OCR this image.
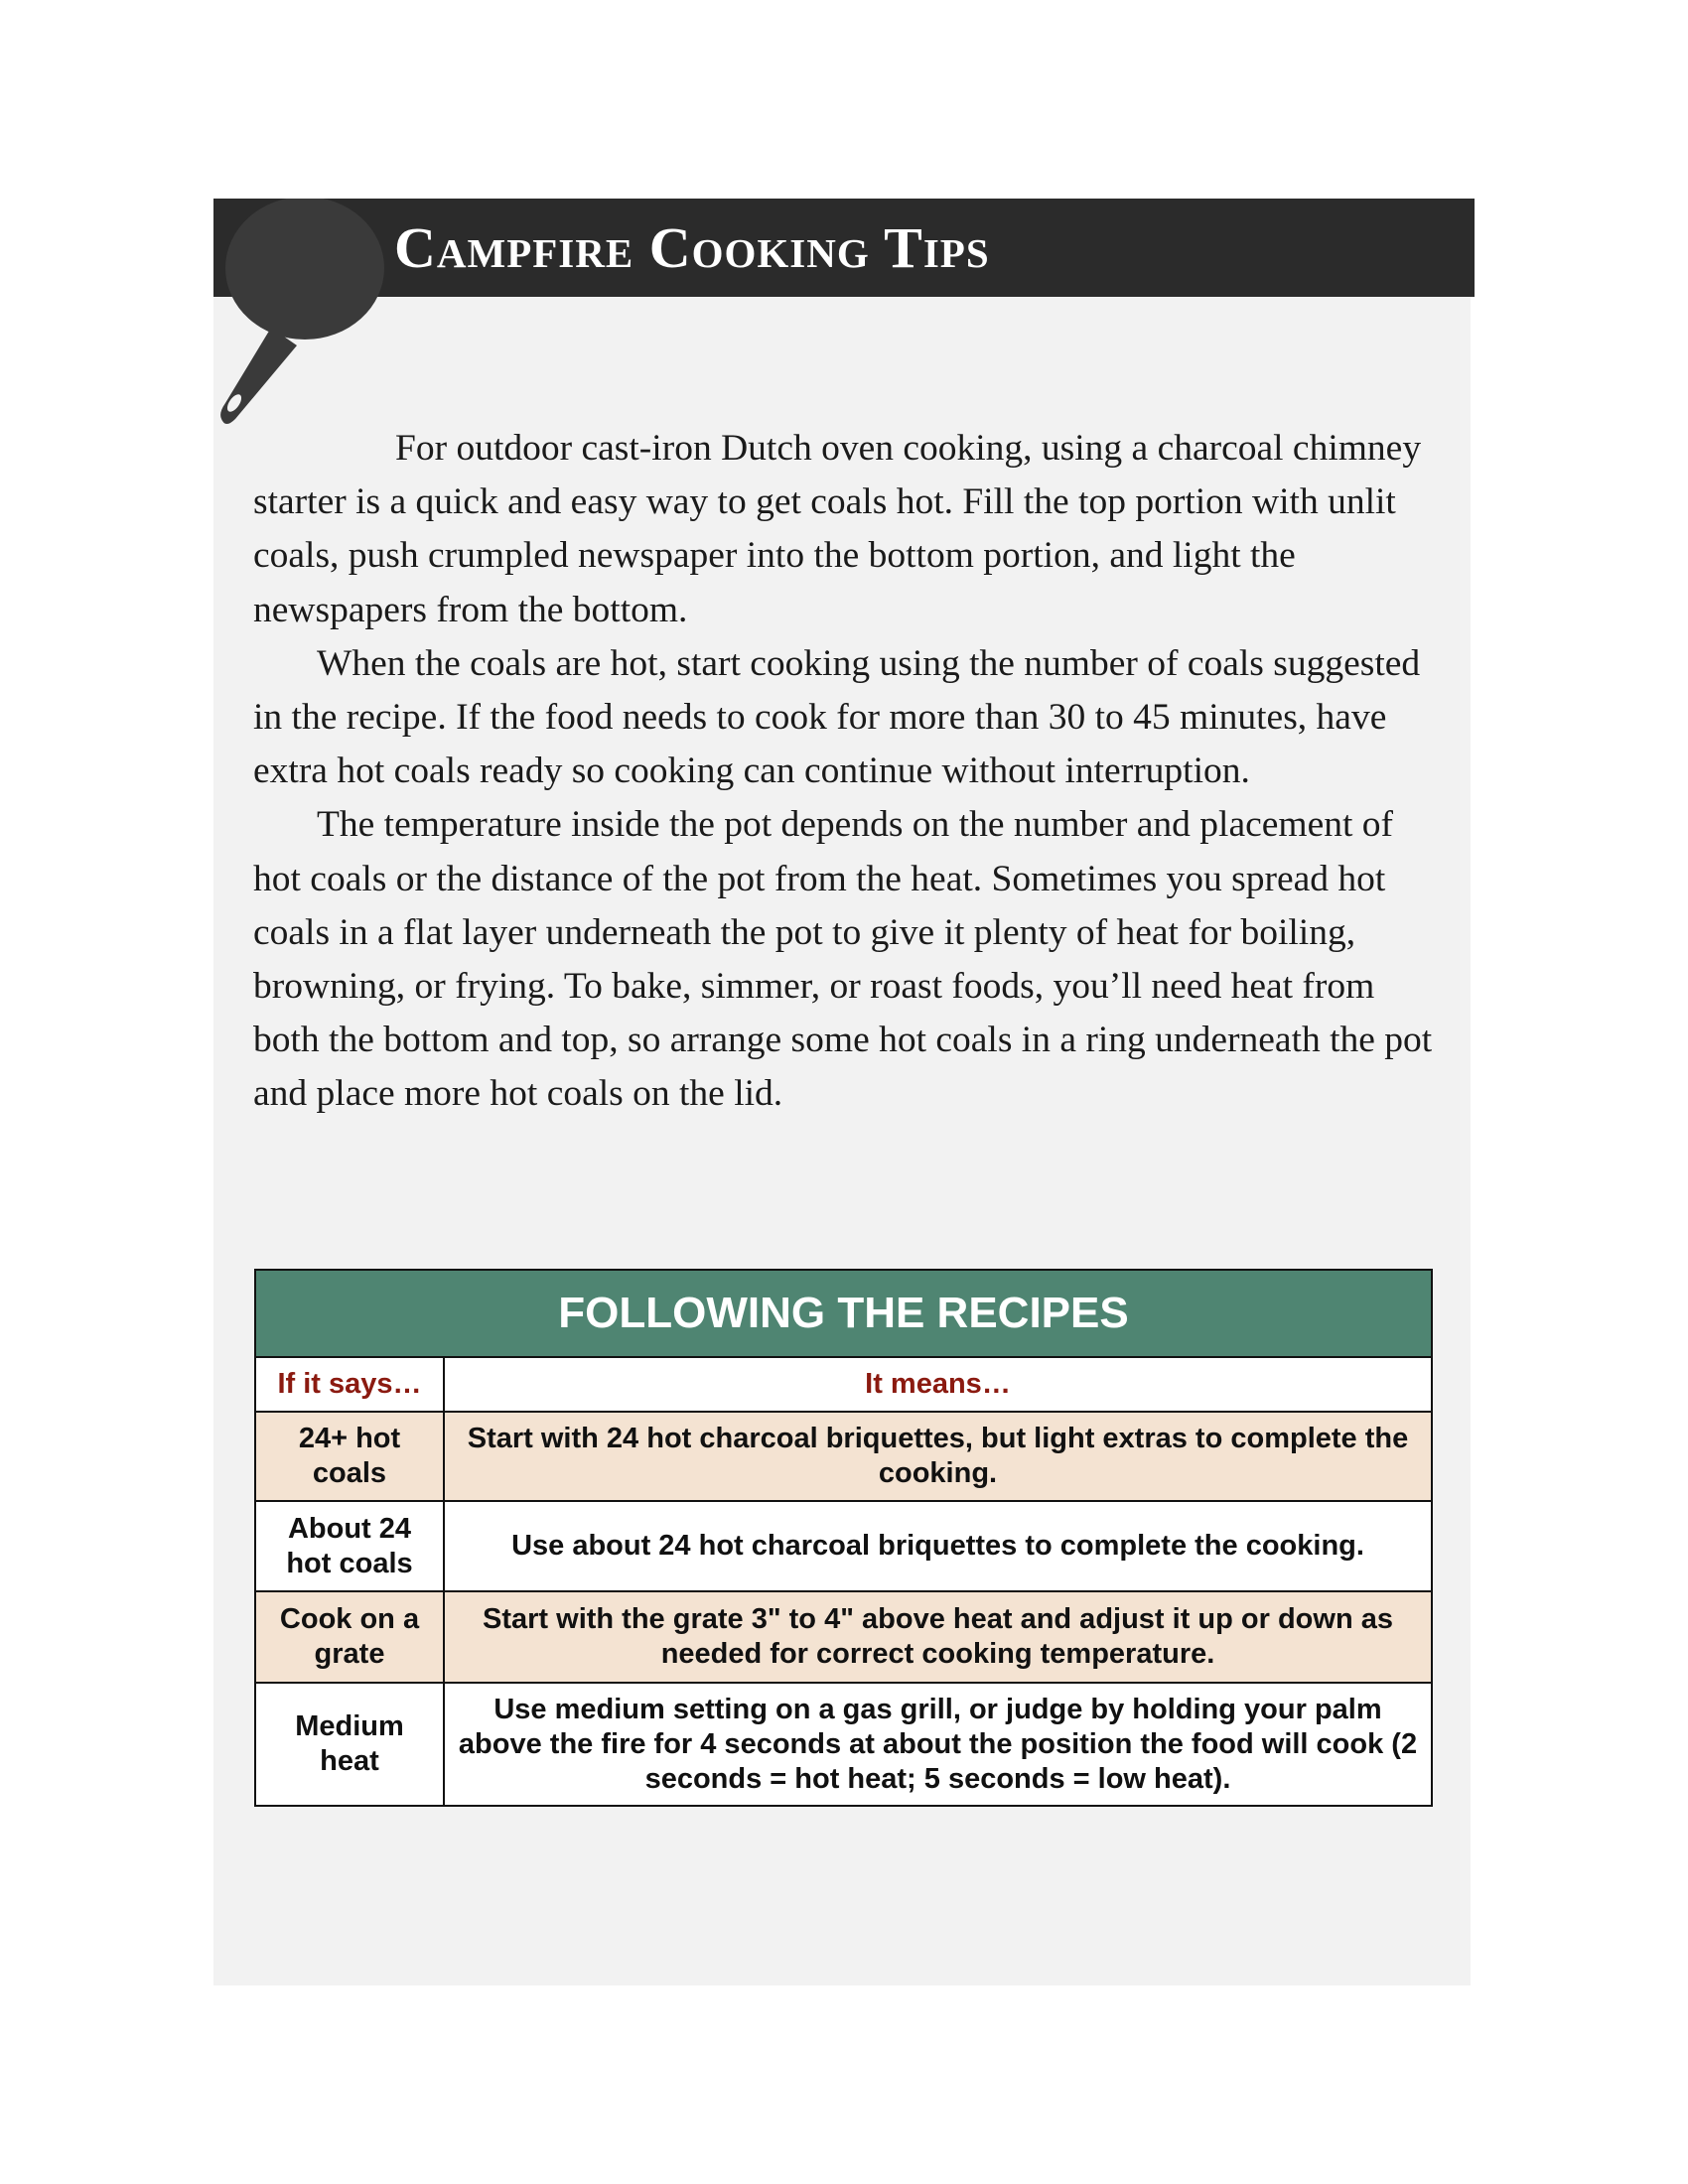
Campfire Cooking Tips

For outdoor cast-iron Dutch oven cooking, using a charcoal chimney starter is a quick and easy way to get coals hot. Fill the top portion with unlit coals, push crumpled newspaper into the bottom portion, and light the newspapers from the bottom.

When the coals are hot, start cooking using the number of coals suggested in the recipe. If the food needs to cook for more than 30 to 45 minutes, have extra hot coals ready so cooking can continue without interruption.

The temperature inside the pot depends on the number and placement of hot coals or the distance of the pot from the heat. Sometimes you spread hot coals in a flat layer underneath the pot to give it plenty of heat for boiling, browning, or frying. To bake, simmer, or roast foods, you’ll need heat from both the bottom and top, so arrange some hot coals in a ring underneath the pot and place more hot coals on the lid.

FOLLOWING THE RECIPES	
If it says…	It means…
24+ hot coals	Start with 24 hot charcoal briquettes, but light extras to complete the cooking.
About 24 hot coals	Use about 24 hot charcoal briquettes to complete the cooking.
Cook on a grate	Start with the grate 3" to 4" above heat and adjust it up or down as needed for correct cooking temperature.
Medium heat	Use medium setting on a gas grill, or judge by holding your palm above the fire for 4 seconds at about the position the food will cook (2 seconds = hot heat; 5 seconds = low heat).
